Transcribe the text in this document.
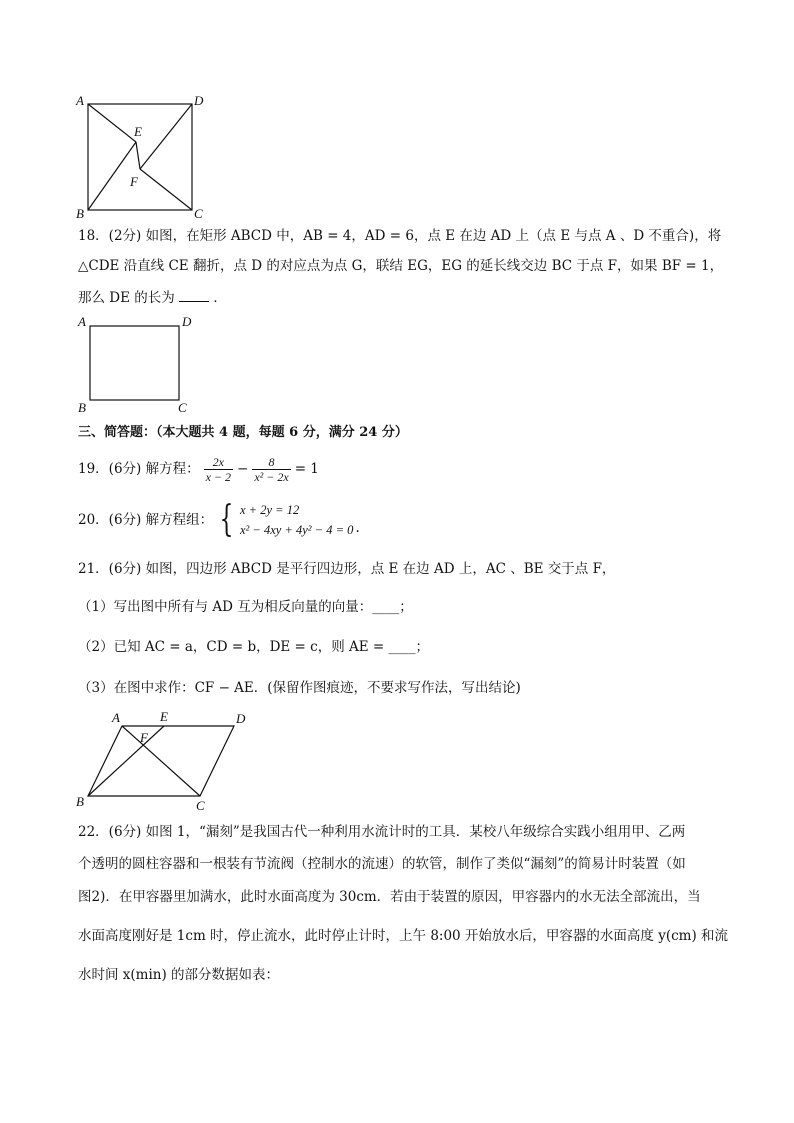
A	D
E
F
B	C
18．(2分) 如图，在矩形 ABCD 中，AB = 4，AD = 6，点 E 在边 AD 上（点 E 与点 A 、D 不重合)，将
△CDE 沿直线 CE 翻折，点 D 的对应点为点 G，联结 EG，EG 的延长线交边 BC 于点 F，如果 BF = 1，
那么 DE 的长为	．
A	D
B	C
三、简答题：（本大题共 4 题，每题 6 分，满分 24 分）
19．(6分) 解方程： $\frac{2x}{x - 2} - \frac{8}{\text{x² − 2x}} = 1$
20．(6分) 解方程组： { x + 2y = 12
x² − 4xy + 4y² − 4 = 0 .
21．(6分) 如图，四边形 ABCD 是平行四边形，点 E 在边 AD 上，AC 、BE 交于点 F，
（1）写出图中所有与 AD 互为相反向量的向量：____；
（2）已知 AC = a，CD = b，DE = c，则 AE = ____；
（3）在图中求作：CF − AE．(保留作图痕迹，不要求写作法，写出结论)
A	E	D
F
B	C
22．(6分) 如图 1，“漏刻”是我国古代一种利用水流计时的工具．某校八年级综合实践小组用甲、乙两
个透明的圆柱容器和一根装有节流阀（控制水的流速）的软管，制作了类似“漏刻”的简易计时装置（如
图2)．在甲容器里加满水，此时水面高度为 30cm．若由于装置的原因，甲容器内的水无法全部流出，当
水面高度刚好是 1cm 时，停止流水，此时停止计时，上午 8:00 开始放水后，甲容器的水面高度 y(cm) 和流
水时间 x(min) 的部分数据如表：
